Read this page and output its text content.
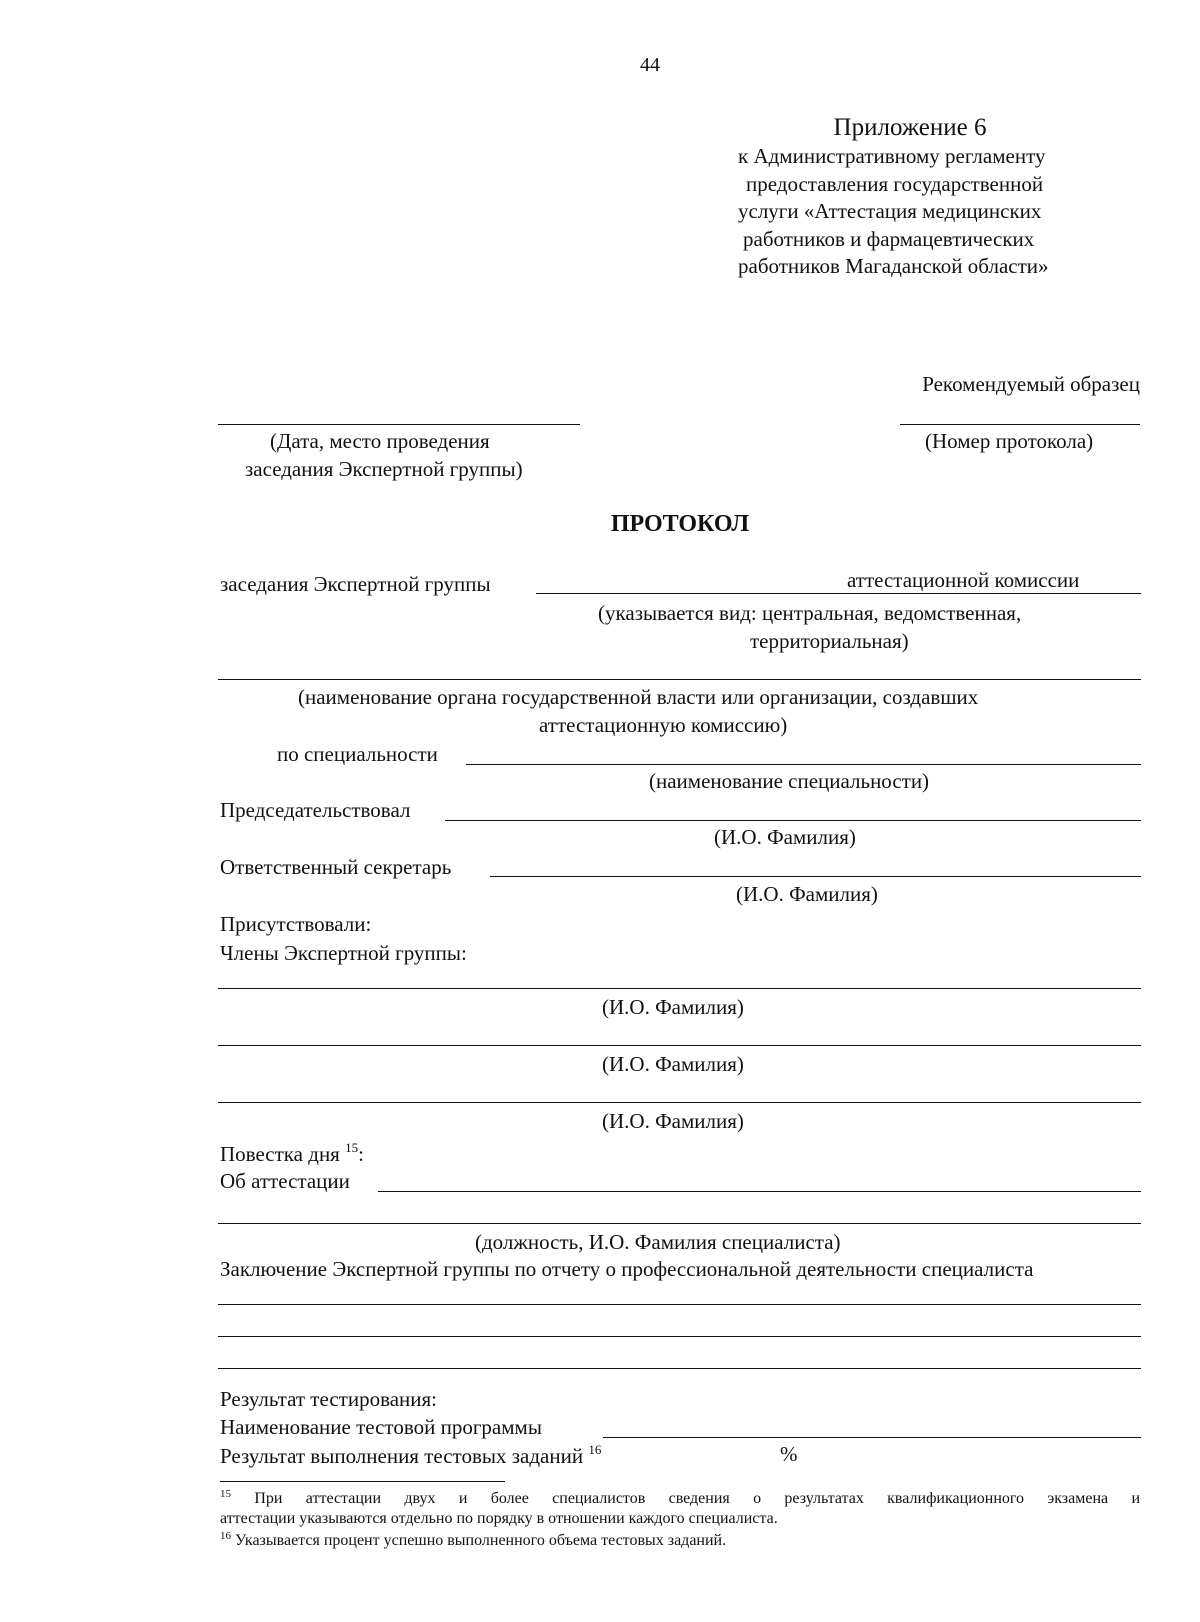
44
Приложение 6
к Административному регламенту
предоставления государственной
услуги «Аттестация медицинских
работников и фармацевтических
работников Магаданской области»
Рекомендуемый образец
(Дата, место проведения
заседания Экспертной группы)
(Номер протокола)
ПРОТОКОЛ
заседания Экспертной группы	аттестационной комиссии
(указывается вид: центральная, ведомственная,
территориальная)
(наименование органа государственной власти или организации, создавших
аттестационную комиссию)
по специальности
(наименование специальности)
Председательствовал
(И.О. Фамилия)
Ответственный секретарь
(И.О. Фамилия)
Присутствовали:
Члены Экспертной группы:
(И.О. Фамилия)
(И.О. Фамилия)
(И.О. Фамилия)
Повестка дня $^{15}$:
Об аттестации
(должность, И.О. Фамилия специалиста)
Заключение Экспертной группы по отчету о профессиональной деятельности специалиста
Результат тестирования:
Наименование тестовой программы
Результат выполнения тестовых заданий $^{16}$	%
$^{15}$ При аттестации двух и более специалистов сведения о результатах квалификационного экзамена и
аттестации указываются отдельно по порядку в отношении каждого специалиста.
$^{16}$ Указывается процент успешно выполненного объема тестовых заданий.
